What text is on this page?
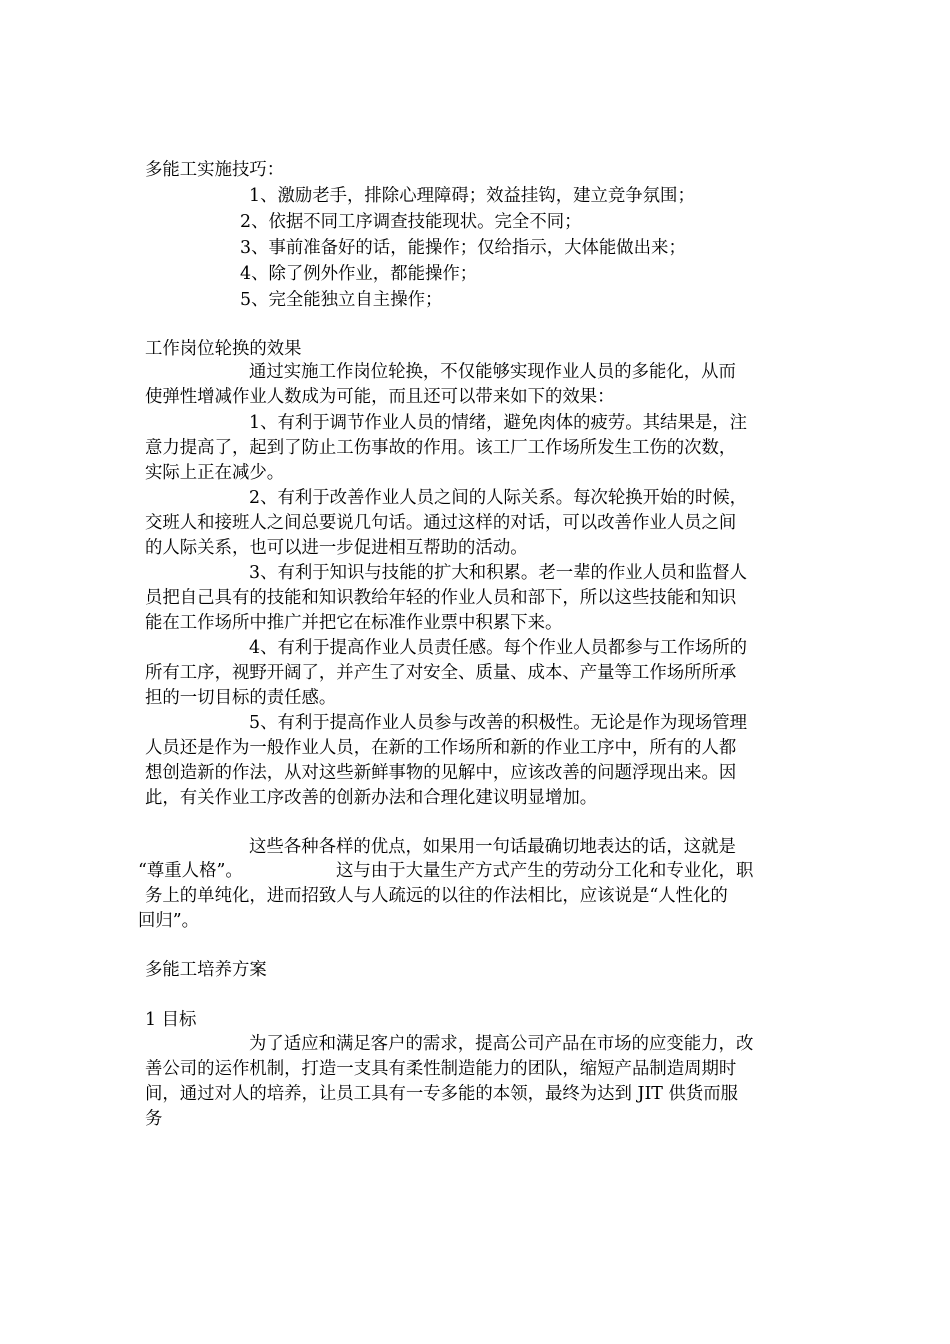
多能工实施技巧：
1、激励老手，排除心理障碍；效益挂钩，建立竞争氛围；
2、依据不同工序调查技能现状。完全不同；
3、事前准备好的话，能操作；仅给指示，大体能做出来；
4、除了例外作业，都能操作；
5、完全能独立自主操作；
工作岗位轮换的效果
通过实施工作岗位轮换，不仅能够实现作业人员的多能化，从而
使弹性增减作业人数成为可能，而且还可以带来如下的效果：
1、有利于调节作业人员的情绪，避免肉体的疲劳。其结果是，注
意力提高了，起到了防止工伤事故的作用。该工厂工作场所发生工伤的次数，
实际上正在减少。
2、有利于改善作业人员之间的人际关系。每次轮换开始的时候，
交班人和接班人之间总要说几句话。通过这样的对话，可以改善作业人员之间
的人际关系，也可以进一步促进相互帮助的活动。
3、有利于知识与技能的扩大和积累。老一辈的作业人员和监督人
员把自己具有的技能和知识教给年轻的作业人员和部下，所以这些技能和知识
能在工作场所中推广并把它在标准作业票中积累下来。
4、有利于提高作业人员责任感。每个作业人员都参与工作场所的
所有工序，视野开阔了，并产生了对安全、质量、成本、产量等工作场所所承
担的一切目标的责任感。
5、有利于提高作业人员参与改善的积极性。无论是作为现场管理
人员还是作为一般作业人员，在新的工作场所和新的作业工序中，所有的人都
想创造新的作法，从对这些新鲜事物的见解中，应该改善的问题浮现出来。因
此，有关作业工序改善的创新办法和合理化建议明显增加。
这些各种各样的优点，如果用一句话最确切地表达的话，这就是
“尊重人格”。	这与由于大量生产方式产生的劳动分工化和专业化，职
务上的单纯化，进而招致人与人疏远的以往的作法相比，应该说是“人性化的
回归”。
多能工培养方案
1 目标
为了适应和满足客户的需求，提高公司产品在市场的应变能力，改
善公司的运作机制，打造一支具有柔性制造能力的团队，缩短产品制造周期时
间，通过对人的培养，让员工具有一专多能的本领，最终为达到 JIT 供货而服
务
